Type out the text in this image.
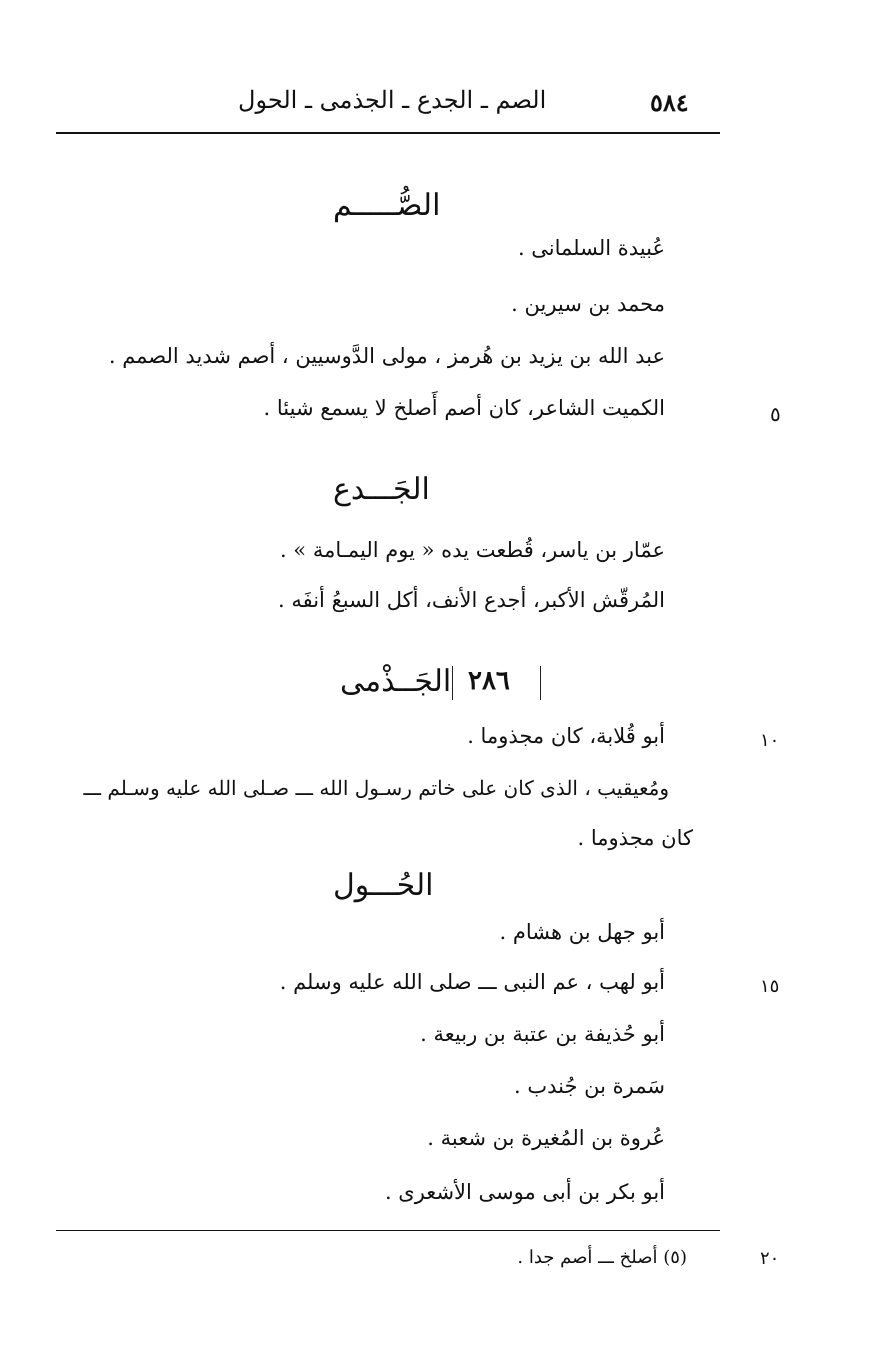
الصم ـ الجدع ـ الجذمى ـ الحول	٥٨٤
الصُّـــــم
عُبيدة السلمانى .
محمد بن سيرين .
عبد الله بن يزيد بن هُرمز ، مولى الدَّوسيين ، أصم شديد الصمم .
الكميت الشاعر، كان أصم أَصلخ لا يسمع شيئا .	٥
الجَـــدع
عمّار بن ياسر، قُطعت يده « يوم اليمـامة » .
المُرقّش الأكبر، أجدع الأنف، أكل السبعُ أنفَه .
٢٨٦
الجَــذْمى
أبو قُلابة، كان مجذوما .	١٠
ومُعيقيب ، الذى كان على خاتم رسـول الله ـــ صـلى الله عليه وسـلم ـــ
كان مجذوما .
الحُـــول
أبو جهل بن هشام .
أبو لهب ، عم النبى ـــ صلى الله عليه وسلم .	١٥
أبو حُذيفة بن عتبة بن ربيعة .
سَمرة بن جُندب .
عُروة بن المُغيرة بن شعبة .
أبو بكر بن أبى موسى الأشعرى .
(٥) أصلخ ـــ أصم جدا .	٢٠
